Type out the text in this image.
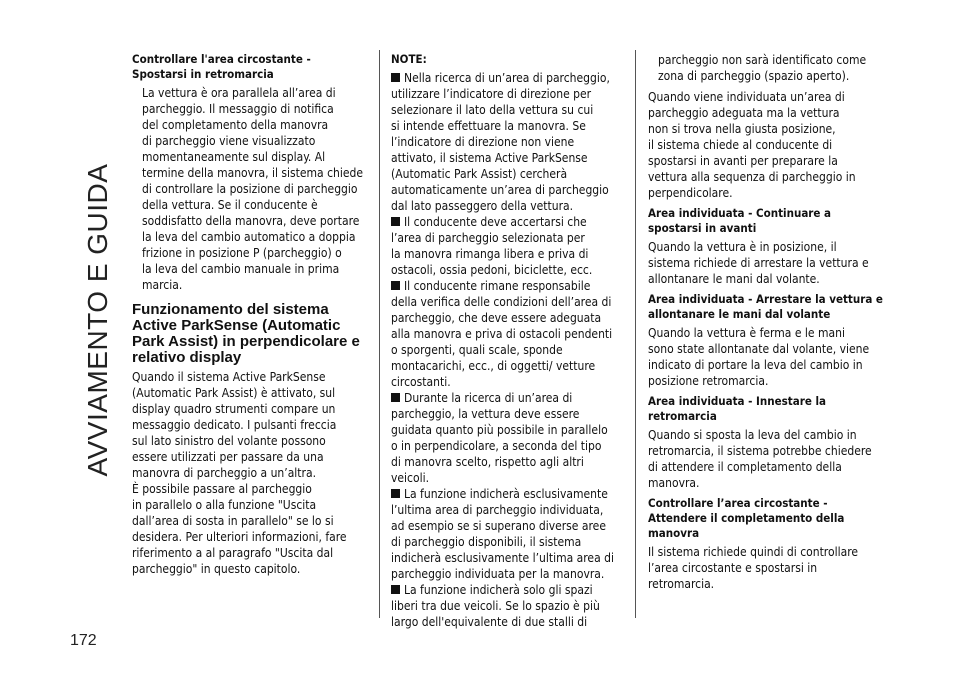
AVVIAMENTO E GUIDA
172
Controllare l'area circostante - Spostarsi in retromarcia

La vettura è ora parallela all’area di
parcheggio. Il messaggio di notifica
del completamento della manovra
di parcheggio viene visualizzato
momentaneamente sul display. Al
termine della manovra, il sistema chiede
di controllare la posizione di parcheggio
della vettura. Se il conducente è
soddisfatto della manovra, deve portare
la leva del cambio automatico a doppia
frizione in posizione P (parcheggio) o
la leva del cambio manuale in prima
marcia.

Funzionamento del sistema Active ParkSense (Automatic Park Assist) in perpendicolare e relativo display

Quando il sistema Active ParkSense
(Automatic Park Assist) è attivato, sul
display quadro strumenti compare un
messaggio dedicato. I pulsanti freccia
sul lato sinistro del volante possono
essere utilizzati per passare da una
manovra di parcheggio a un’altra.
È possibile passare al parcheggio
in parallelo o alla funzione "Uscita
dall’area di sosta in parallelo" se lo si
desidera. Per ulteriori informazioni, fare
riferimento a al paragrafo "Uscita dal
parcheggio" in questo capitolo.

NOTE:
Nella ricerca di un’area di parcheggio,
utilizzare l’indicatore di direzione per
selezionare il lato della vettura su cui
si intende effettuare la manovra. Se
l’indicatore di direzione non viene
attivato, il sistema Active ParkSense
(Automatic Park Assist) cercherà
automaticamente un’area di parcheggio
dal lato passeggero della vettura.
Il conducente deve accertarsi che
l’area di parcheggio selezionata per
la manovra rimanga libera e priva di
ostacoli, ossia pedoni, biciclette, ecc.
Il conducente rimane responsabile
della verifica delle condizioni dell’area di
parcheggio, che deve essere adeguata
alla manovra e priva di ostacoli pendenti
o sporgenti, quali scale, sponde
montacarichi, ecc., di oggetti/ vetture
circostanti.
Durante la ricerca di un’area di
parcheggio, la vettura deve essere
guidata quanto più possibile in parallelo
o in perpendicolare, a seconda del tipo
di manovra scelto, rispetto agli altri
veicoli.
La funzione indicherà esclusivamente
l’ultima area di parcheggio individuata,
ad esempio se si superano diverse aree
di parcheggio disponibili, il sistema
indicherà esclusivamente l’ultima area di
parcheggio individuata per la manovra.
La funzione indicherà solo gli spazi
liberi tra due veicoli. Se lo spazio è più
largo dell'equivalente di due stalli di

parcheggio non sarà identificato come
zona di parcheggio (spazio aperto).

Quando viene individuata un’area di
parcheggio adeguata ma la vettura
non si trova nella giusta posizione,
il sistema chiede al conducente di
spostarsi in avanti per preparare la
vettura alla sequenza di parcheggio in
perpendicolare.

Area individuata - Continuare a spostarsi in avanti

Quando la vettura è in posizione, il
sistema richiede di arrestare la vettura e
allontanare le mani dal volante.

Area individuata - Arrestare la vettura e allontanare le mani dal volante

Quando la vettura è ferma e le mani
sono state allontanate dal volante, viene
indicato di portare la leva del cambio in
posizione retromarcia.

Area individuata - Innestare la retromarcia

Quando si sposta la leva del cambio in
retromarcia, il sistema potrebbe chiedere
di attendere il completamento della
manovra.

Controllare l’area circostante - Attendere il completamento della manovra

Il sistema richiede quindi di controllare
l’area circostante e spostarsi in
retromarcia.
